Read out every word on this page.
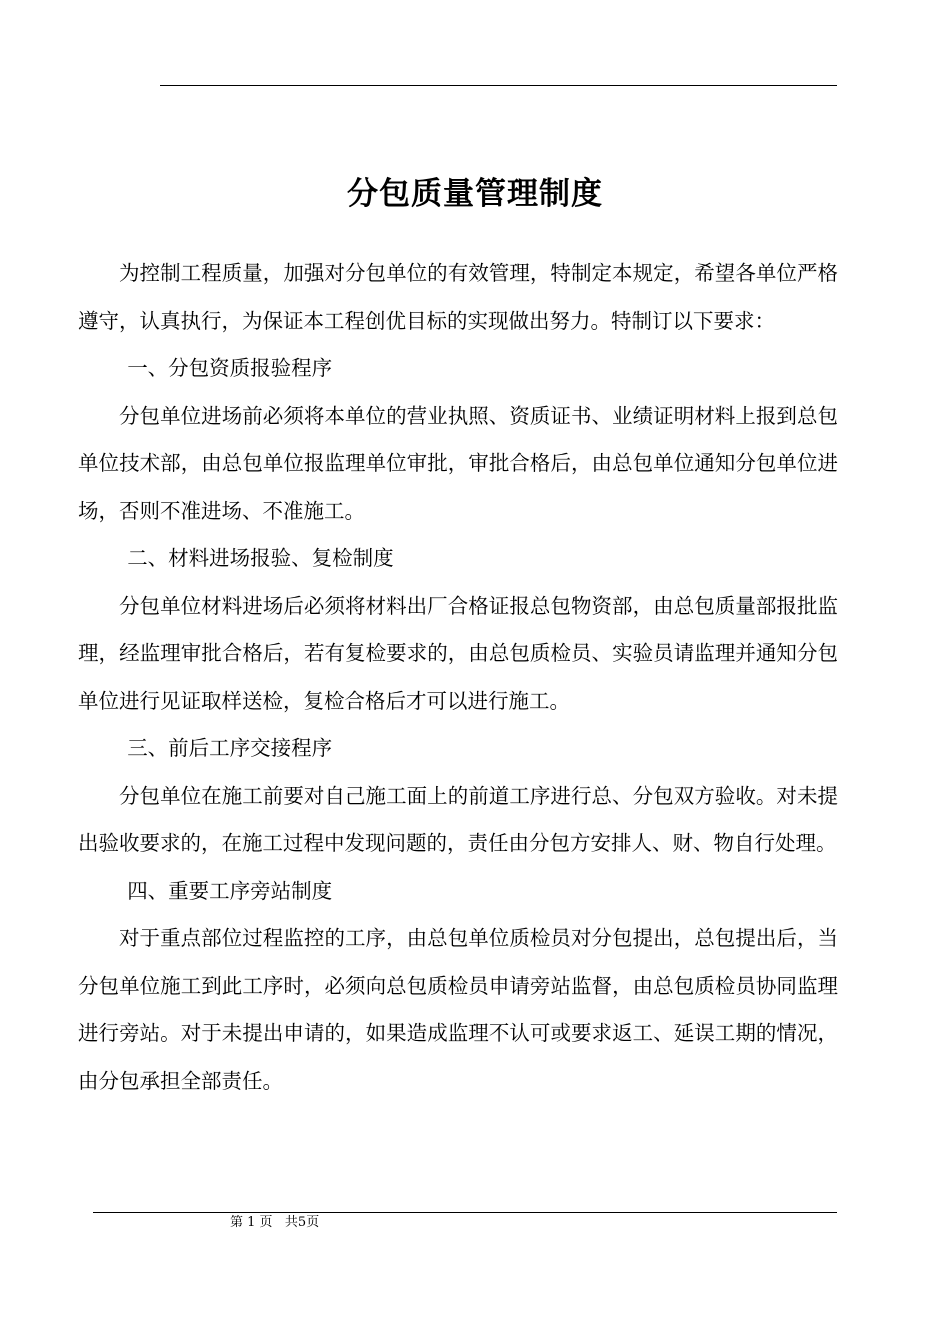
分包质量管理制度

为控制工程质量，加强对分包单位的有效管理，特制定本规定，希望各单位严格遵守，认真执行，为保证本工程创优目标的实现做出努力。特制订以下要求：

一、分包资质报验程序

分包单位进场前必须将本单位的营业执照、资质证书、业绩证明材料上报到总包单位技术部，由总包单位报监理单位审批，审批合格后，由总包单位通知分包单位进场，否则不准进场、不准施工。

二、材料进场报验、复检制度

分包单位材料进场后必须将材料出厂合格证报总包物资部，由总包质量部报批监理，经监理审批合格后，若有复检要求的，由总包质检员、实验员请监理并通知分包单位进行见证取样送检，复检合格后才可以进行施工。

三、前后工序交接程序

分包单位在施工前要对自己施工面上的前道工序进行总、分包双方验收。对未提出验收要求的，在施工过程中发现问题的，责任由分包方安排人、财、物自行处理。

四、重要工序旁站制度

对于重点部位过程监控的工序，由总包单位质检员对分包提出，总包提出后，当分包单位施工到此工序时，必须向总包质检员申请旁站监督，由总包质检员协同监理进行旁站。对于未提出申请的，如果造成监理不认可或要求返工、延误工期的情况，由分包承担全部责任。

第 1 页   共5页
